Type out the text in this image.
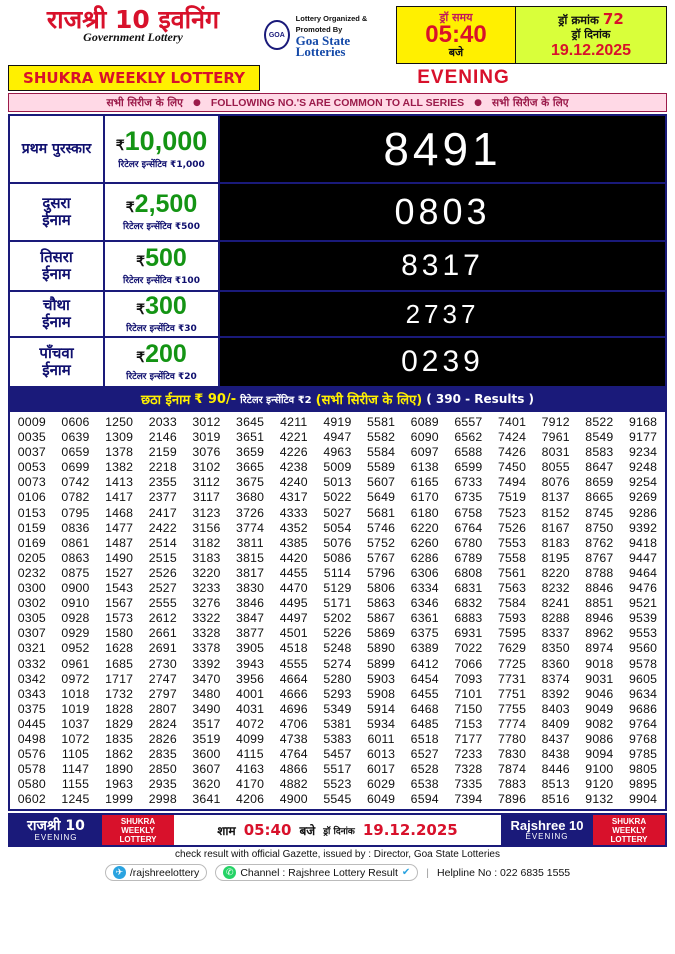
राजश्री 10 इवनिंग
Government Lottery	GOA
Lottery Organized & Promoted By
Goa State Lotteries
ड्रॉ समय
05:40
बजे
ड्रॉ क्रमांक 72
ड्रॉ दिनांक
19.12.2025
SHUKRA WEEKLY LOTTERY	EVENING
सभी सिरीज के लिए ● FOLLOWING NO.'S ARE COMMON TO ALL SERIES ● सभी सिरीज के लिए
प्रथम पुरस्कार	₹10,000
रिटेलर इन्सेंटिव ₹1,000	8491
दुसरा
ईनाम
₹2,500
रिटेलर इन्सेंटिव ₹500	0803
तिसरा
ईनाम
₹500
रिटेलर इन्सेंटिव ₹100	8317
चौथा
ईनाम
₹300
रिटेलर इन्सेंटिव ₹30
2737
पाँचवा
ईनाम
₹200
रिटेलर इन्सेंटिव ₹20	0239
छठा ईनाम ₹ 90/- रिटेलर इन्सेंटिव ₹2 (सभी सिरीज के लिए) ( 390 - Results )
0009	0606	1250	2033	3012	3645	4211	4919	5581	6089	6557	7401	7912	8522	9168
0035	0639	1309	2146	3019	3651	4221	4947	5582	6090	6562	7424	7961	8549	9177
0037	0659	1378	2159	3076	3659	4226	4963	5584	6097	6588	7426	8031	8583	9234
0053	0699	1382	2218	3102	3665	4238	5009	5589	6138	6599	7450	8055	8647	9248
0073	0742	1413	2355	3112	3675	4240	5013	5607	6165	6733	7494	8076	8659	9254
0106	0782	1417	2377	3117	3680	4317	5022	5649	6170	6735	7519	8137	8665	9269
0153	0795	1468	2417	3123	3726	4333	5027	5681	6180	6758	7523	8152	8745	9286
0159	0836	1477	2422	3156	3774	4352	5054	5746	6220	6764	7526	8167	8750	9392
0169	0861	1487	2514	3182	3811	4385	5076	5752	6260	6780	7553	8183	8762	9418
0205	0863	1490	2515	3183	3815	4420	5086	5767	6286	6789	7558	8195	8767	9447
0232	0875	1527	2526	3220	3817	4455	5114	5796	6306	6808	7561	8220	8788	9464
0300	0900	1543	2527	3233	3830	4470	5129	5806	6334	6831	7563	8232	8846	9476
0302	0910	1567	2555	3276	3846	4495	5171	5863	6346	6832	7584	8241	8851	9521
0305	0928	1573	2612	3322	3847	4497	5202	5867	6361	6883	7593	8288	8946	9539
0307	0929	1580	2661	3328	3877	4501	5226	5869	6375	6931	7595	8337	8962	9553
0321	0952	1628	2691	3378	3905	4518	5248	5890	6389	7022	7629	8350	8974	9560
0332	0961	1685	2730	3392	3943	4555	5274	5899	6412	7066	7725	8360	9018	9578
0342	0972	1717	2747	3470	3956	4664	5280	5903	6454	7093	7731	8374	9031	9605
0343	1018	1732	2797	3480	4001	4666	5293	5908	6455	7101	7751	8392	9046	9634
0375	1019	1828	2807	3490	4031	4696	5349	5914	6468	7150	7755	8403	9049	9686
0445	1037	1829	2824	3517	4072	4706	5381	5934	6485	7153	7774	8409	9082	9764
0498	1072	1835	2826	3519	4099	4738	5383	6011	6518	7177	7780	8437	9086	9768
0576	1105	1862	2835	3600	4115	4764	5457	6013	6527	7233	7830	8438	9094	9785
0578	1147	1890	2850	3607	4163	4866	5517	6017	6528	7328	7874	8446	9100	9805
0580	1155	1963	2935	3620	4170	4882	5523	6029	6538	7335	7883	8513	9120	9895
0602	1245	1999	2998	3641	4206	4900	5545	6049	6594	7394	7896	8516	9132	9904
राजश्री 10
EVENING
SHUKRA
WEEKLY
LOTTERY
शाम 05:40 बजे ड्रॉ दिनांक 19.12.2025	Rajshree 10
EVENING
SHUKRA
WEEKLY
LOTTERY
check result with official Gazette, issued by : Director, Goa State Lotteries
✈ /rajshreelottery	✆ Channel : Rajshree Lottery Result ✔ | Helpline No : 022 6835 1555
